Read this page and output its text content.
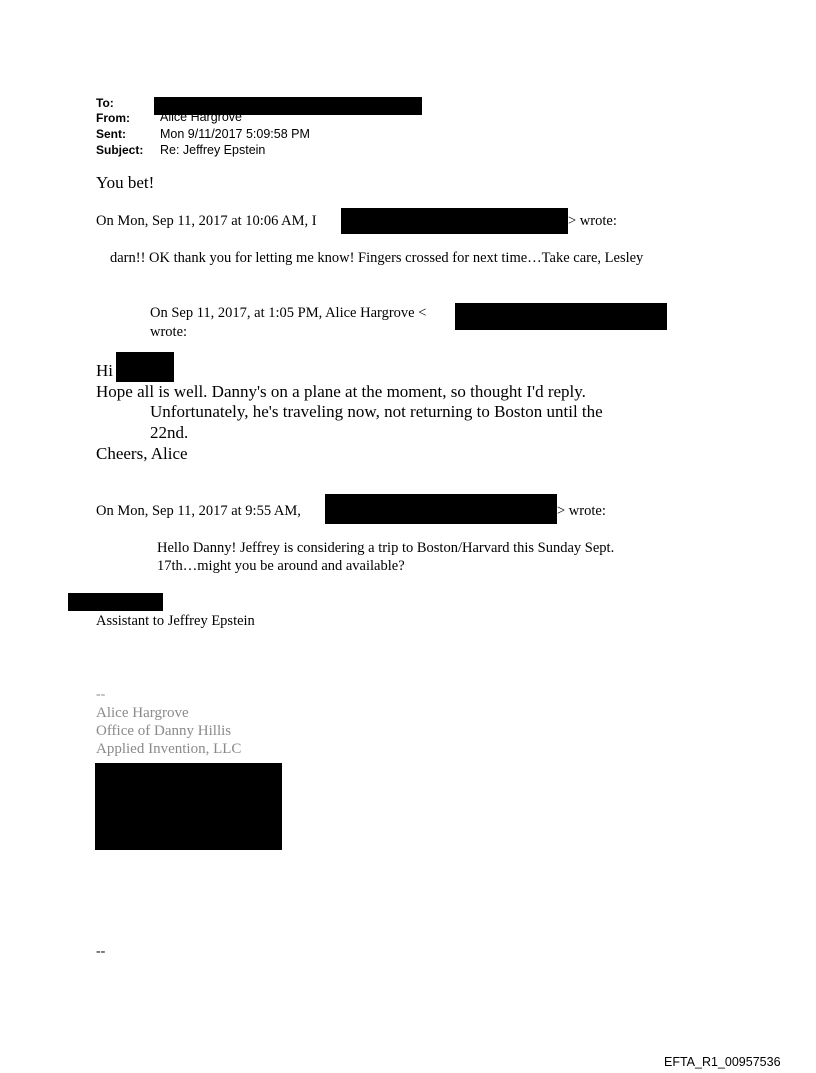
To:
From: Alice Hargrove
Sent:	Mon 9/11/2017 5:09:58 PM
Subject: Re: Jeffrey Epstein
You bet!
On Mon, Sep 11, 2017 at 10:06 AM, I	> wrote:
darn!! OK thank you for letting me know! Fingers crossed for next time…Take care, Lesley
On Sep 11, 2017, at 1:05 PM, Alice Hargrove <
wrote:
Hi
Hope all is well. Danny's on a plane at the moment, so thought I'd reply.
Unfortunately, he's traveling now, not returning to Boston until the
22nd.
Cheers, Alice
On Mon, Sep 11, 2017 at 9:55 AM,	> wrote:
Hello Danny! Jeffrey is considering a trip to Boston/Harvard this Sunday Sept.
17th…might you be around and available?
Assistant to Jeffrey Epstein
--
Alice Hargrove
Office of Danny Hillis
Applied Invention, LLC
--
EFTA_R1_00957536
